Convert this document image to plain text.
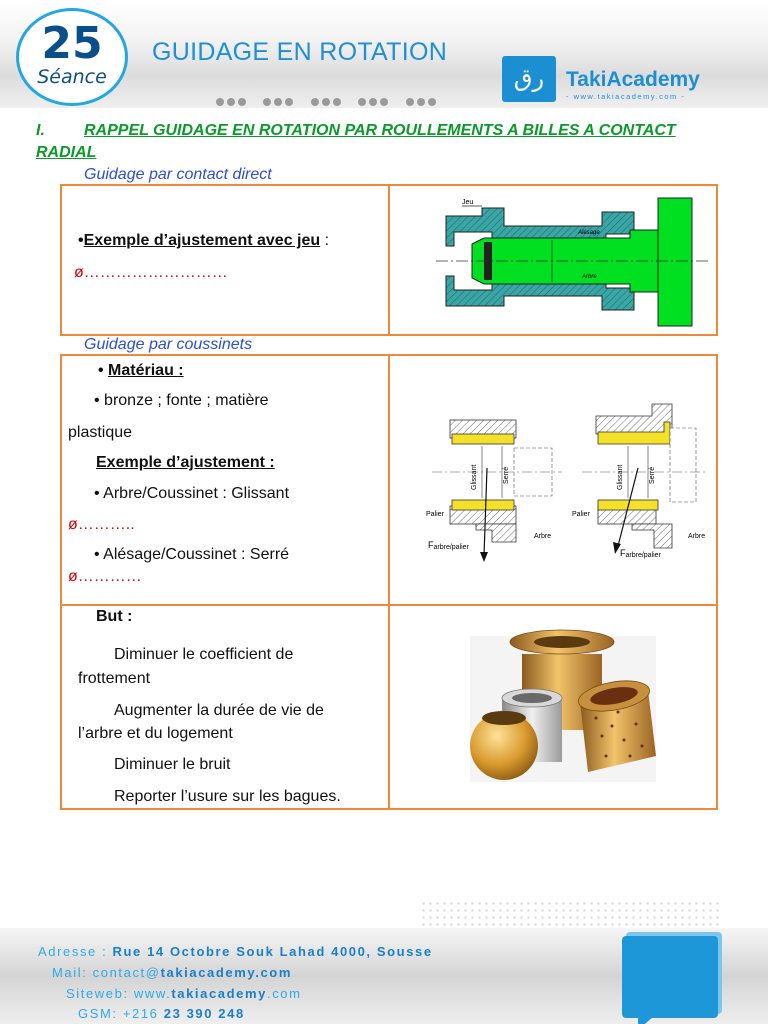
25
Séance
GUIDAGE EN ROTATION

رق	TakiAcademy
- www.takiacademy.com -
I. RAPPEL GUIDAGE EN ROTATION PAR ROULLEMENTS A BILLES A CONTACT
RADIAL
Guidage par contact direct
•Exemple d’ajustement avec jeu :
ø………………………
Jeu
Alésage
Arbre
Guidage par coussinets
• Matériau :
• bronze ; fonte ; matière
plastique
Exemple d’ajustement :
• Arbre/Coussinet : Glissant
ø………..
• Alésage/Coussinet : Serré
ø…………
Glissant	Serré
Palier
Arbre
Farbre/palier
Glissant	Serré
Palier
Arbre
Farbre/palier
But :
Diminuer le coefficient de
frottement
Augmenter la durée de vie de
l’arbre et du logement
Diminuer le bruit
Reporter l’usure sur les bagues.
Adresse : Rue 14 Octobre Souk Lahad 4000, Sousse
Mail: contact@takiacademy.com
Siteweb: www.takiacademy.com
GSM: +216 23 390 248
